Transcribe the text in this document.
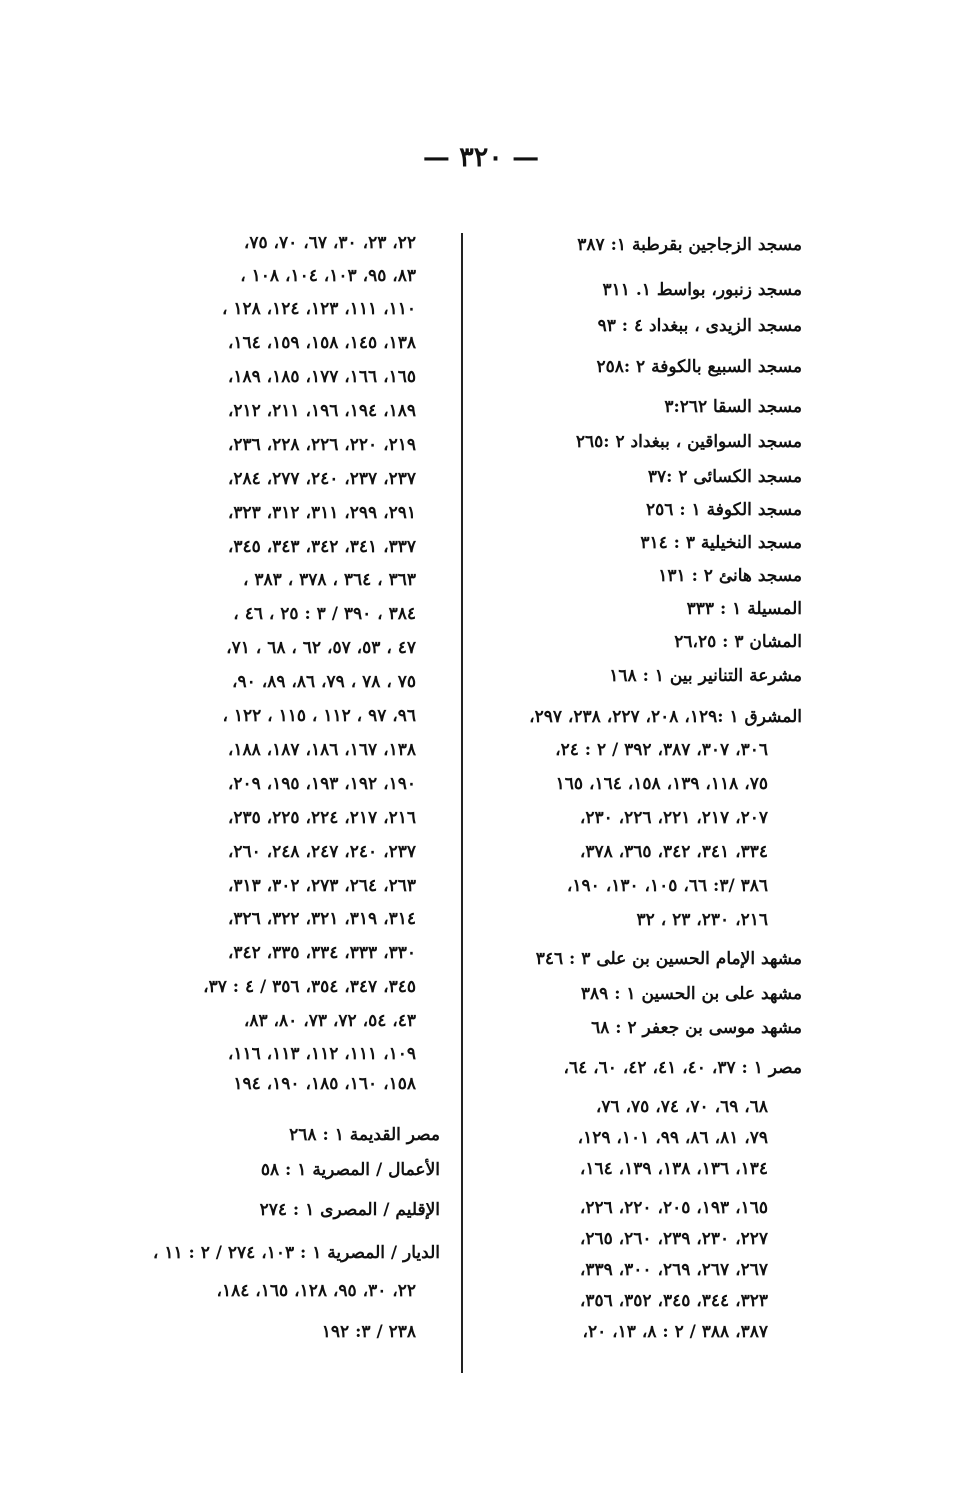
— ٣٢٠ —
مسجد الزجاجين بقرطبة ١: ٣٨٧
مسجد زنبور، بواسط ١. ٣١١
مسجد الزيدى ، ببغداد ٤ : ٩٣
مسجد السبيع بالكوفة ٢ :٢٥٨
مسجد السقا ٣:٢٦٢
مسجد السواقين ، ببغداد ٢ :٢٦٥
مسجد الكسائى ٢ :٣٧
مسجد الكوفة ١ : ٢٥٦
مسجد النخيلية ٣ : ٣١٤
مسجد هانئ ٢ : ١٣١
المسيلة ١ : ٣٣٣
المشان ٣ : ٢٦،٢٥
مشرعة التنانير بين ١ : ١٦٨
المشرق ١ :١٢٩، ٢٠٨، ٢٢٧، ٢٣٨، ٢٩٧،
٣٠٦، ٣٠٧، ٣٨٧، ٣٩٢ / ٢ : ٢٤،
٧٥، ١١٨، ١٣٩، ١٥٨، ١٦٤، ١٦٥
٢٠٧، ٢١٧، ٢٢١، ٢٢٦، ٢٣٠،
٣٣٤، ٣٤١، ٣٤٢، ٣٦٥، ٣٧٨،
٣٨٦ /٣: ٦٦، ١٠٥، ١٣٠، ١٩٠،
٢١٦، ٢٣٠، ٢٣ ، ٣٢
مشهد الإمام الحسين بن على ٣ : ٣٤٦
مشهد على بن الحسين ١ : ٣٨٩
مشهد موسى بن جعفر ٢ : ٦٨
مصر ١ : ٣٧، ٤٠، ٤١، ٤٢، ٦٠، ٦٤،
٦٨، ٦٩، ٧٠، ٧٤، ٧٥، ٧٦،
٧٩، ٨١، ٨٦، ٩٩، ١٠١، ١٢٩،
١٣٤، ١٣٦، ١٣٨، ١٣٩، ١٦٤،
١٦٥، ١٩٣، ٢٠٥، ٢٢٠، ٢٢٦،
٢٢٧، ٢٣٠، ٢٣٩، ٢٦٠، ٢٦٥،
٢٦٧، ٢٦٧، ٢٦٩، ٣٠٠، ٣٣٩،
٣٢٣، ٣٤٤، ٣٤٥، ٣٥٢، ٣٥٦،
٣٨٧، ٣٨٨ / ٢ : ٨، ١٣، ٢٠،
٢٢، ٢٣، ٣٠، ٦٧، ٧٠، ٧٥،
٨٣، ٩٥، ١٠٣، ١٠٤، ١٠٨ ،
١١٠، ١١١، ١٢٣، ١٢٤، ١٢٨ ،
١٣٨، ١٤٥، ١٥٨، ١٥٩، ١٦٤،
١٦٥، ١٦٦، ١٧٧، ١٨٥، ١٨٩،
١٨٩، ١٩٤، ١٩٦، ٢١١، ٢١٢،
٢١٩، ٢٢٠، ٢٢٦، ٢٢٨، ٢٣٦،
٢٣٧، ٢٣٧، ٢٤٠، ٢٧٧، ٢٨٤،
٢٩١، ٢٩٩، ٣١١، ٣١٢، ٣٢٣،
٣٣٧، ٣٤١، ٣٤٢، ٣٤٣، ٣٤٥،
٣٦٣ ، ٣٦٤ ، ٣٧٨ ، ٣٨٣ ،
٣٨٤ ، ٣٩٠ / ٣ : ٢٥ ، ٤٦ ،
٤٧ ، ٥٣، ٥٧، ٦٢ ، ٦٨ ، ٧١،
٧٥ ، ٧٨ ، ٧٩، ٨٦، ٨٩، ٩٠،
٩٦، ٩٧ ، ١١٢ ، ١١٥ ، ١٢٢ ،
١٣٨، ١٦٧، ١٨٦، ١٨٧، ١٨٨،
١٩٠، ١٩٢، ١٩٣، ١٩٥، ٢٠٩،
٢١٦، ٢١٧، ٢٢٤، ٢٢٥، ٢٣٥،
٢٣٧، ٢٤٠، ٢٤٧، ٢٤٨، ٢٦٠،
٢٦٣، ٢٦٤، ٢٧٣، ٣٠٢، ٣١٣،
٣١٤، ٣١٩، ٣٢١، ٣٢٢، ٣٢٦،
٣٣٠، ٣٣٣، ٣٣٤، ٣٣٥، ٣٤٢،
٣٤٥، ٣٤٧، ٣٥٤، ٣٥٦ / ٤ : ٣٧،
٤٣، ٥٤، ٧٢، ٧٣، ٨٠، ٨٣،
١٠٩، ١١١، ١١٢، ١١٣، ١١٦،
١٥٨، ١٦٠، ١٨٥، ١٩٠، ١٩٤
مصر القديمة ١ : ٢٦٨
الأعمال / المصرية ١ : ٥٨
الإقليم / المصرى ١ : ٢٧٤
الديار / المصرية ١ : ١٠٣، ٢٧٤ / ٢ : ١١ ،
٢٢، ٣٠، ٩٥، ١٢٨، ١٦٥، ١٨٤،
٢٣٨ / ٣: ١٩٢
